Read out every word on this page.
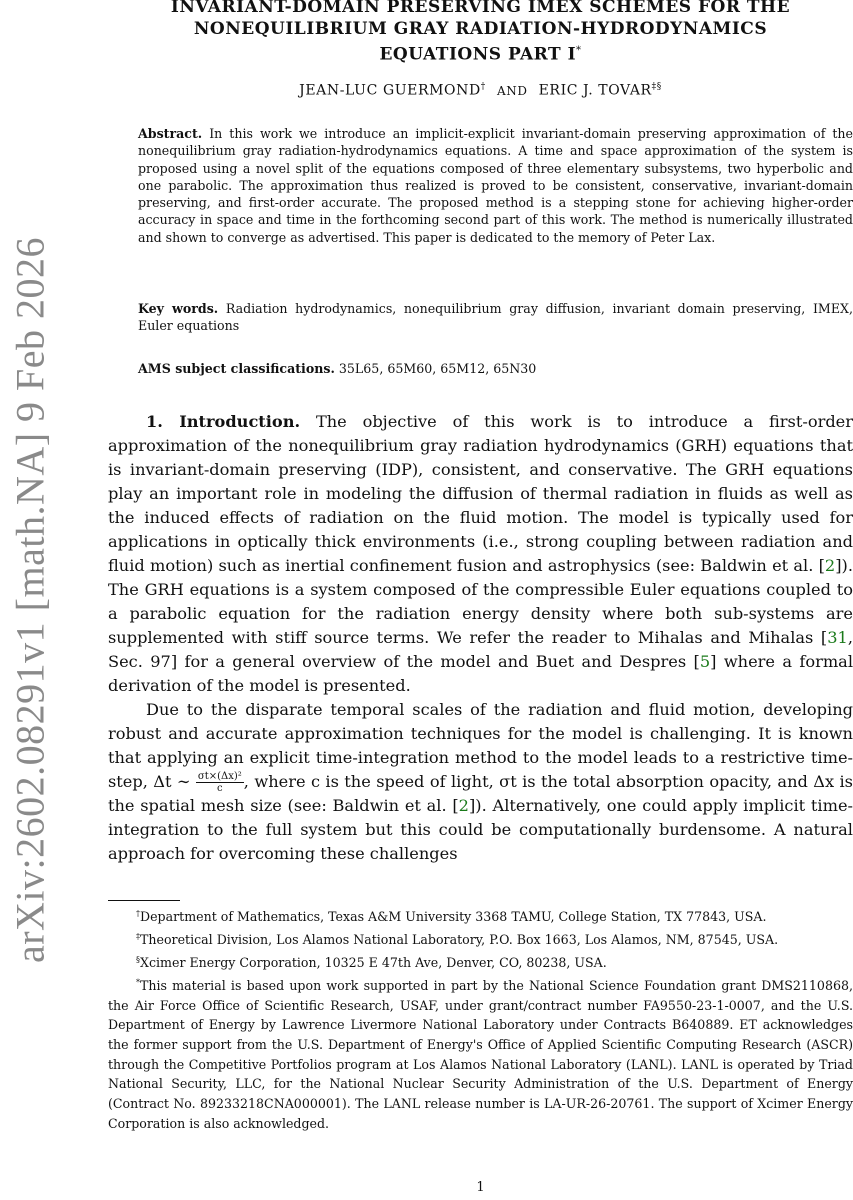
arXiv:2602.08291v1 [math.NA] 9 Feb 2026
INVARIANT-DOMAIN PRESERVING IMEX SCHEMES FOR THE
NONEQUILIBRIUM GRAY RADIATION-HYDRODYNAMICS
EQUATIONS PART I*
JEAN-LUC GUERMOND† AND ERIC J. TOVAR‡§
Abstract. In this work we introduce an implicit-explicit invariant-domain preserving approximation of the nonequilibrium gray radiation-hydrodynamics equations. A time and space approximation of the system is proposed using a novel split of the equations composed of three elementary subsystems, two hyperbolic and one parabolic. The approximation thus realized is proved to be consistent, conservative, invariant-domain preserving, and first-order accurate. The proposed method is a stepping stone for achieving higher-order accuracy in space and time in the forthcoming second part of this work. The method is numerically illustrated and shown to converge as advertised. This paper is dedicated to the memory of Peter Lax.
Key words. Radiation hydrodynamics, nonequilibrium gray diffusion, invariant domain preserving, IMEX, Euler equations
AMS subject classifications. 35L65, 65M60, 65M12, 65N30

1. Introduction. The objective of this work is to introduce a first-order approximation of the nonequilibrium gray radiation hydrodynamics (GRH) equations that is invariant-domain preserving (IDP), consistent, and conservative. The GRH equations play an important role in modeling the diffusion of thermal radiation in fluids as well as the induced effects of radiation on the fluid motion. The model is typically used for applications in optically thick environments (i.e., strong coupling between radiation and fluid motion) such as inertial confinement fusion and astrophysics (see: Baldwin et al. [2]). The GRH equations is a system composed of the compressible Euler equations coupled to a parabolic equation for the radiation energy density where both sub-systems are supplemented with stiff source terms. We refer the reader to Mihalas and Mihalas [31, Sec. 97] for a general overview of the model and Buet and Despres [5] where a formal derivation of the model is presented.

Due to the disparate temporal scales of the radiation and fluid motion, developing robust and accurate approximation techniques for the model is challenging. It is known that applying an explicit time-integration method to the model leads to a restrictive time-step, Δt ∼ $\frac{\text{σt×(Δx)²}}{c}$ , where c is the speed of light, σt is the total absorption opacity, and Δx is the spatial mesh size (see: Baldwin et al. [2]). Alternatively, one could apply implicit time-integration to the full system but this could be computationally burdensome. A natural approach for overcoming these challenges

†Department of Mathematics, Texas A&M University 3368 TAMU, College Station, TX 77843, USA.

‡Theoretical Division, Los Alamos National Laboratory, P.O. Box 1663, Los Alamos, NM, 87545, USA.

§Xcimer Energy Corporation, 10325 E 47th Ave, Denver, CO, 80238, USA.

*This material is based upon work supported in part by the National Science Foundation grant DMS2110868, the Air Force Office of Scientific Research, USAF, under grant/contract number FA9550-23-1-0007, and the U.S. Department of Energy by Lawrence Livermore National Laboratory under Contracts B640889. ET acknowledges the former support from the U.S. Department of Energy's Office of Applied Scientific Computing Research (ASCR) through the Competitive Portfolios program at Los Alamos National Laboratory (LANL). LANL is operated by Triad National Security, LLC, for the National Nuclear Security Administration of the U.S. Department of Energy (Contract No. 89233218CNA000001). The LANL release number is LA-UR-26-20761. The support of Xcimer Energy Corporation is also acknowledged.

1
